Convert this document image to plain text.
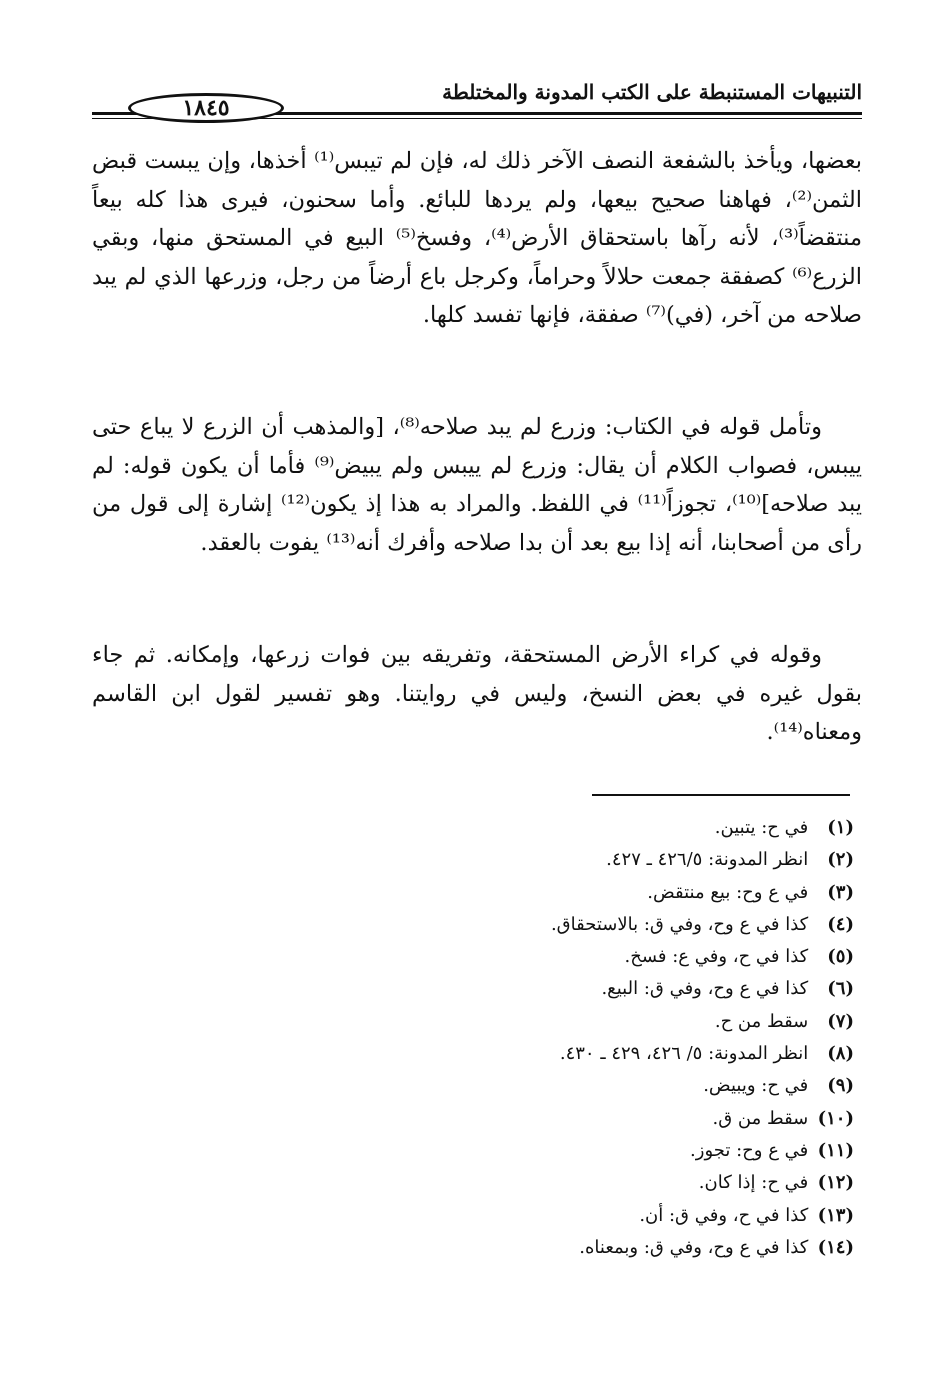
التنبيهات المستنبطة على الكتب المدونة والمختلطة
١٨٤٥

بعضها، ويأخذ بالشفعة النصف الآخر ذلك له، فإن لم تيبس⁽¹⁾ أخذها، وإن يبست قبض الثمن⁽²⁾، فهاهنا صحيح بيعها، ولم يردها للبائع. وأما سحنون، فيرى هذا كله بيعاً منتقضاً⁽³⁾، لأنه رآها باستحقاق الأرض⁽⁴⁾، وفسخ⁽⁵⁾ البيع في المستحق منها، وبقي الزرع⁽⁶⁾ كصفقة جمعت حلالاً وحراماً، وكرجل باع أرضاً من رجل، وزرعها الذي لم يبد صلاحه من آخر، (في)⁽⁷⁾ صفقة، فإنها تفسد كلها.

وتأمل قوله في الكتاب: وزرع لم يبد صلاحه⁽⁸⁾، [والمذهب أن الزرع لا يباع حتى ييبس، فصواب الكلام أن يقال: وزرع لم ييبس ولم يبيض⁽⁹⁾ فأما أن يكون قوله: لم يبد صلاحه]⁽¹⁰⁾، تجوزاً⁽¹¹⁾ في اللفظ. والمراد به هذا إذ يكون⁽¹²⁾ إشارة إلى قول من رأى من أصحابنا، أنه إذا بيع بعد أن بدا صلاحه وأفرك أنه⁽¹³⁾ يفوت بالعقد.

وقوله في كراء الأرض المستحقة، وتفريقه بين فوات زرعها، وإمكانه. ثم جاء بقول غيره في بعض النسخ، وليس في روايتنا. وهو تفسير لقول ابن القاسم ومعناه⁽¹⁴⁾.

(١) في ح: يتبين.
(٢) انظر المدونة: ٤٢٦/٥ ـ ٤٢٧.
(٣) في ع وح: بيع منتقض.
(٤) كذا في ع وح، وفي ق: بالاستحقاق.
(٥) كذا في ح، وفي ع: فسخ.
(٦) كذا في ع وح، وفي ق: البيع.
(٧) سقط من ح.
(٨) انظر المدونة: ٥/ ٤٢٦، ٤٢٩ ـ ٤٣٠.
(٩) في ح: ويبيض.
(١٠) سقط من ق.
(١١) في ع وح: تجوز.
(١٢) في ح: إذا كان.
(١٣) كذا في ح، وفي ق: أن.
(١٤) كذا في ع وح، وفي ق: وبمعناه.
